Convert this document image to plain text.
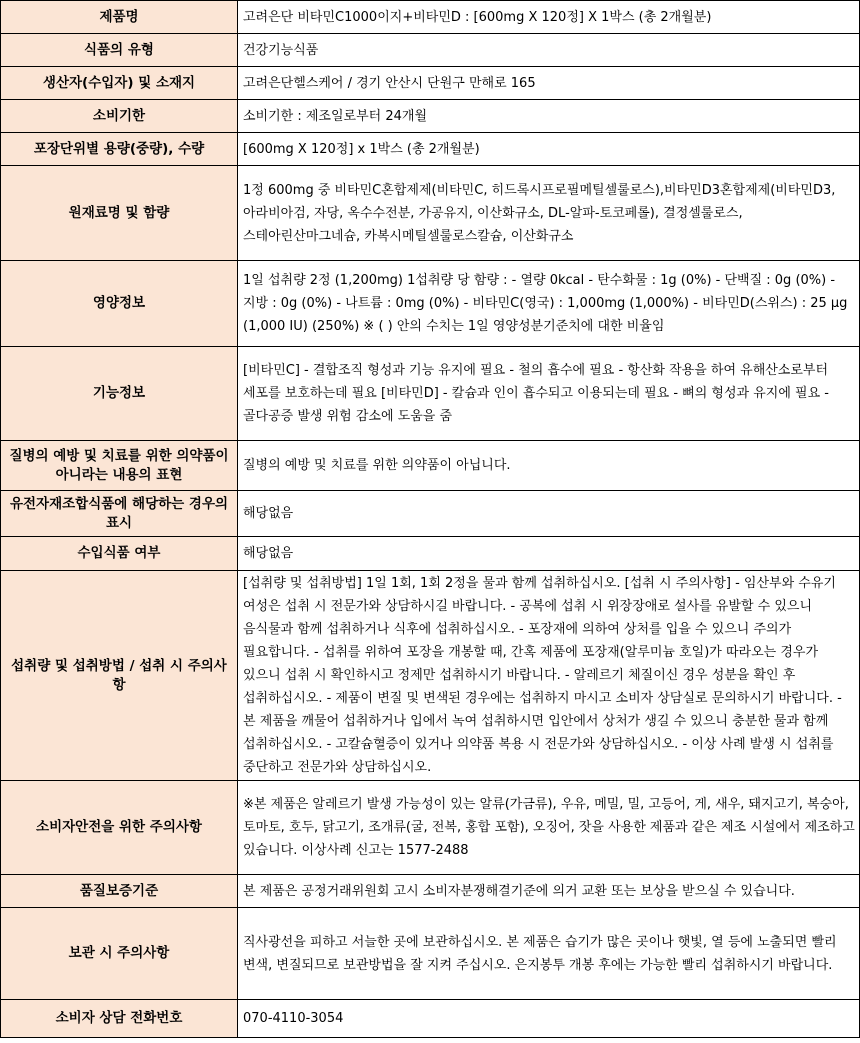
제품명	고려은단 비타민C1000이지+비타민D : [600mg X 120정] X 1박스 (총 2개월분)
식품의 유형	건강기능식품
생산자(수입자) 및 소재지	고려은단헬스케어 / 경기 안산시 단원구 만해로 165
소비기한	소비기한 : 제조일로부터 24개월
포장단위별 용량(중량), 수량	[600mg X 120정] x 1박스 (총 2개월분)
원재료명 및 함량	1정 600mg 중 비타민C혼합제제(비타민C, 히드록시프로필메틸셀룰로스),비타민D3혼합제제(비타민D3, 아라비아검, 자당, 옥수수전분, 가공유지, 이산화규소, DL-알파-토코페롤), 결정셀룰로스, 스테아린산마그네슘, 카복시메틸셀룰로스칼슘, 이산화규소
영양정보	1일 섭취량 2정 (1,200mg) 1섭취량 당 함량 : - 열량 0kcal - 탄수화물 : 1g (0%) - 단백질 : 0g (0%) - 지방 : 0g (0%) - 나트륨 : 0mg (0%) - 비타민C(영국) : 1,000mg (1,000%) - 비타민D(스위스) : 25 μg (1,000 IU) (250%) ※ ( ) 안의 수치는 1일 영양성분기준치에 대한 비율임
기능정보	[비타민C] - 결합조직 형성과 기능 유지에 필요 - 철의 흡수에 필요 - 항산화 작용을 하여 유해산소로부터 세포를 보호하는데 필요 [비타민D] - 칼슘과 인이 흡수되고 이용되는데 필요 - 뼈의 형성과 유지에 필요 - 골다공증 발생 위험 감소에 도움을 줌
질병의 예방 및 치료를 위한 의약품이 아니라는 내용의 표현	질병의 예방 및 치료를 위한 의약품이 아닙니다.
유전자재조합식품에 해당하는 경우의 표시	해당없음
수입식품 여부	해당없음
섭취량 및 섭취방법 / 섭취 시 주의사항	[섭취량 및 섭취방법] 1일 1회, 1회 2정을 물과 함께 섭취하십시오. [섭취 시 주의사항] - 임산부와 수유기 여성은 섭취 시 전문가와 상담하시길 바랍니다. - 공복에 섭취 시 위장장애로 설사를 유발할 수 있으니 음식물과 함께 섭취하거나 식후에 섭취하십시오. - 포장재에 의하여 상처를 입을 수 있으니 주의가 필요합니다. - 섭취를 위하여 포장을 개봉할 때, 간혹 제품에 포장재(알루미늄 호일)가 따라오는 경우가 있으니 섭취 시 확인하시고 정제만 섭취하시기 바랍니다. - 알레르기 체질이신 경우 성분을 확인 후 섭취하십시오. - 제품이 변질 및 변색된 경우에는 섭취하지 마시고 소비자 상담실로 문의하시기 바랍니다. - 본 제품을 깨물어 섭취하거나 입에서 녹여 섭취하시면 입안에서 상처가 생길 수 있으니 충분한 물과 함께 섭취하십시오. - 고칼슘혈증이 있거나 의약품 복용 시 전문가와 상담하십시오. - 이상 사례 발생 시 섭취를 중단하고 전문가와 상담하십시오.
소비자안전을 위한 주의사항	※본 제품은 알레르기 발생 가능성이 있는 알류(가금류), 우유, 메밀, 밀, 고등어, 게, 새우, 돼지고기, 복숭아, 토마토, 호두, 닭고기, 조개류(굴, 전복, 홍합 포함), 오징어, 잣을 사용한 제품과 같은 제조 시설에서 제조하고 있습니다. 이상사례 신고는 1577-2488
품질보증기준	본 제품은 공정거래위원회 고시 소비자분쟁해결기준에 의거 교환 또는 보상을 받으실 수 있습니다.
보관 시 주의사항	직사광선을 피하고 서늘한 곳에 보관하십시오. 본 제품은 습기가 많은 곳이나 햇빛, 열 등에 노출되면 빨리 변색, 변질되므로 보관방법을 잘 지켜 주십시오. 은지봉투 개봉 후에는 가능한 빨리 섭취하시기 바랍니다.
소비자 상담 전화번호	070-4110-3054
